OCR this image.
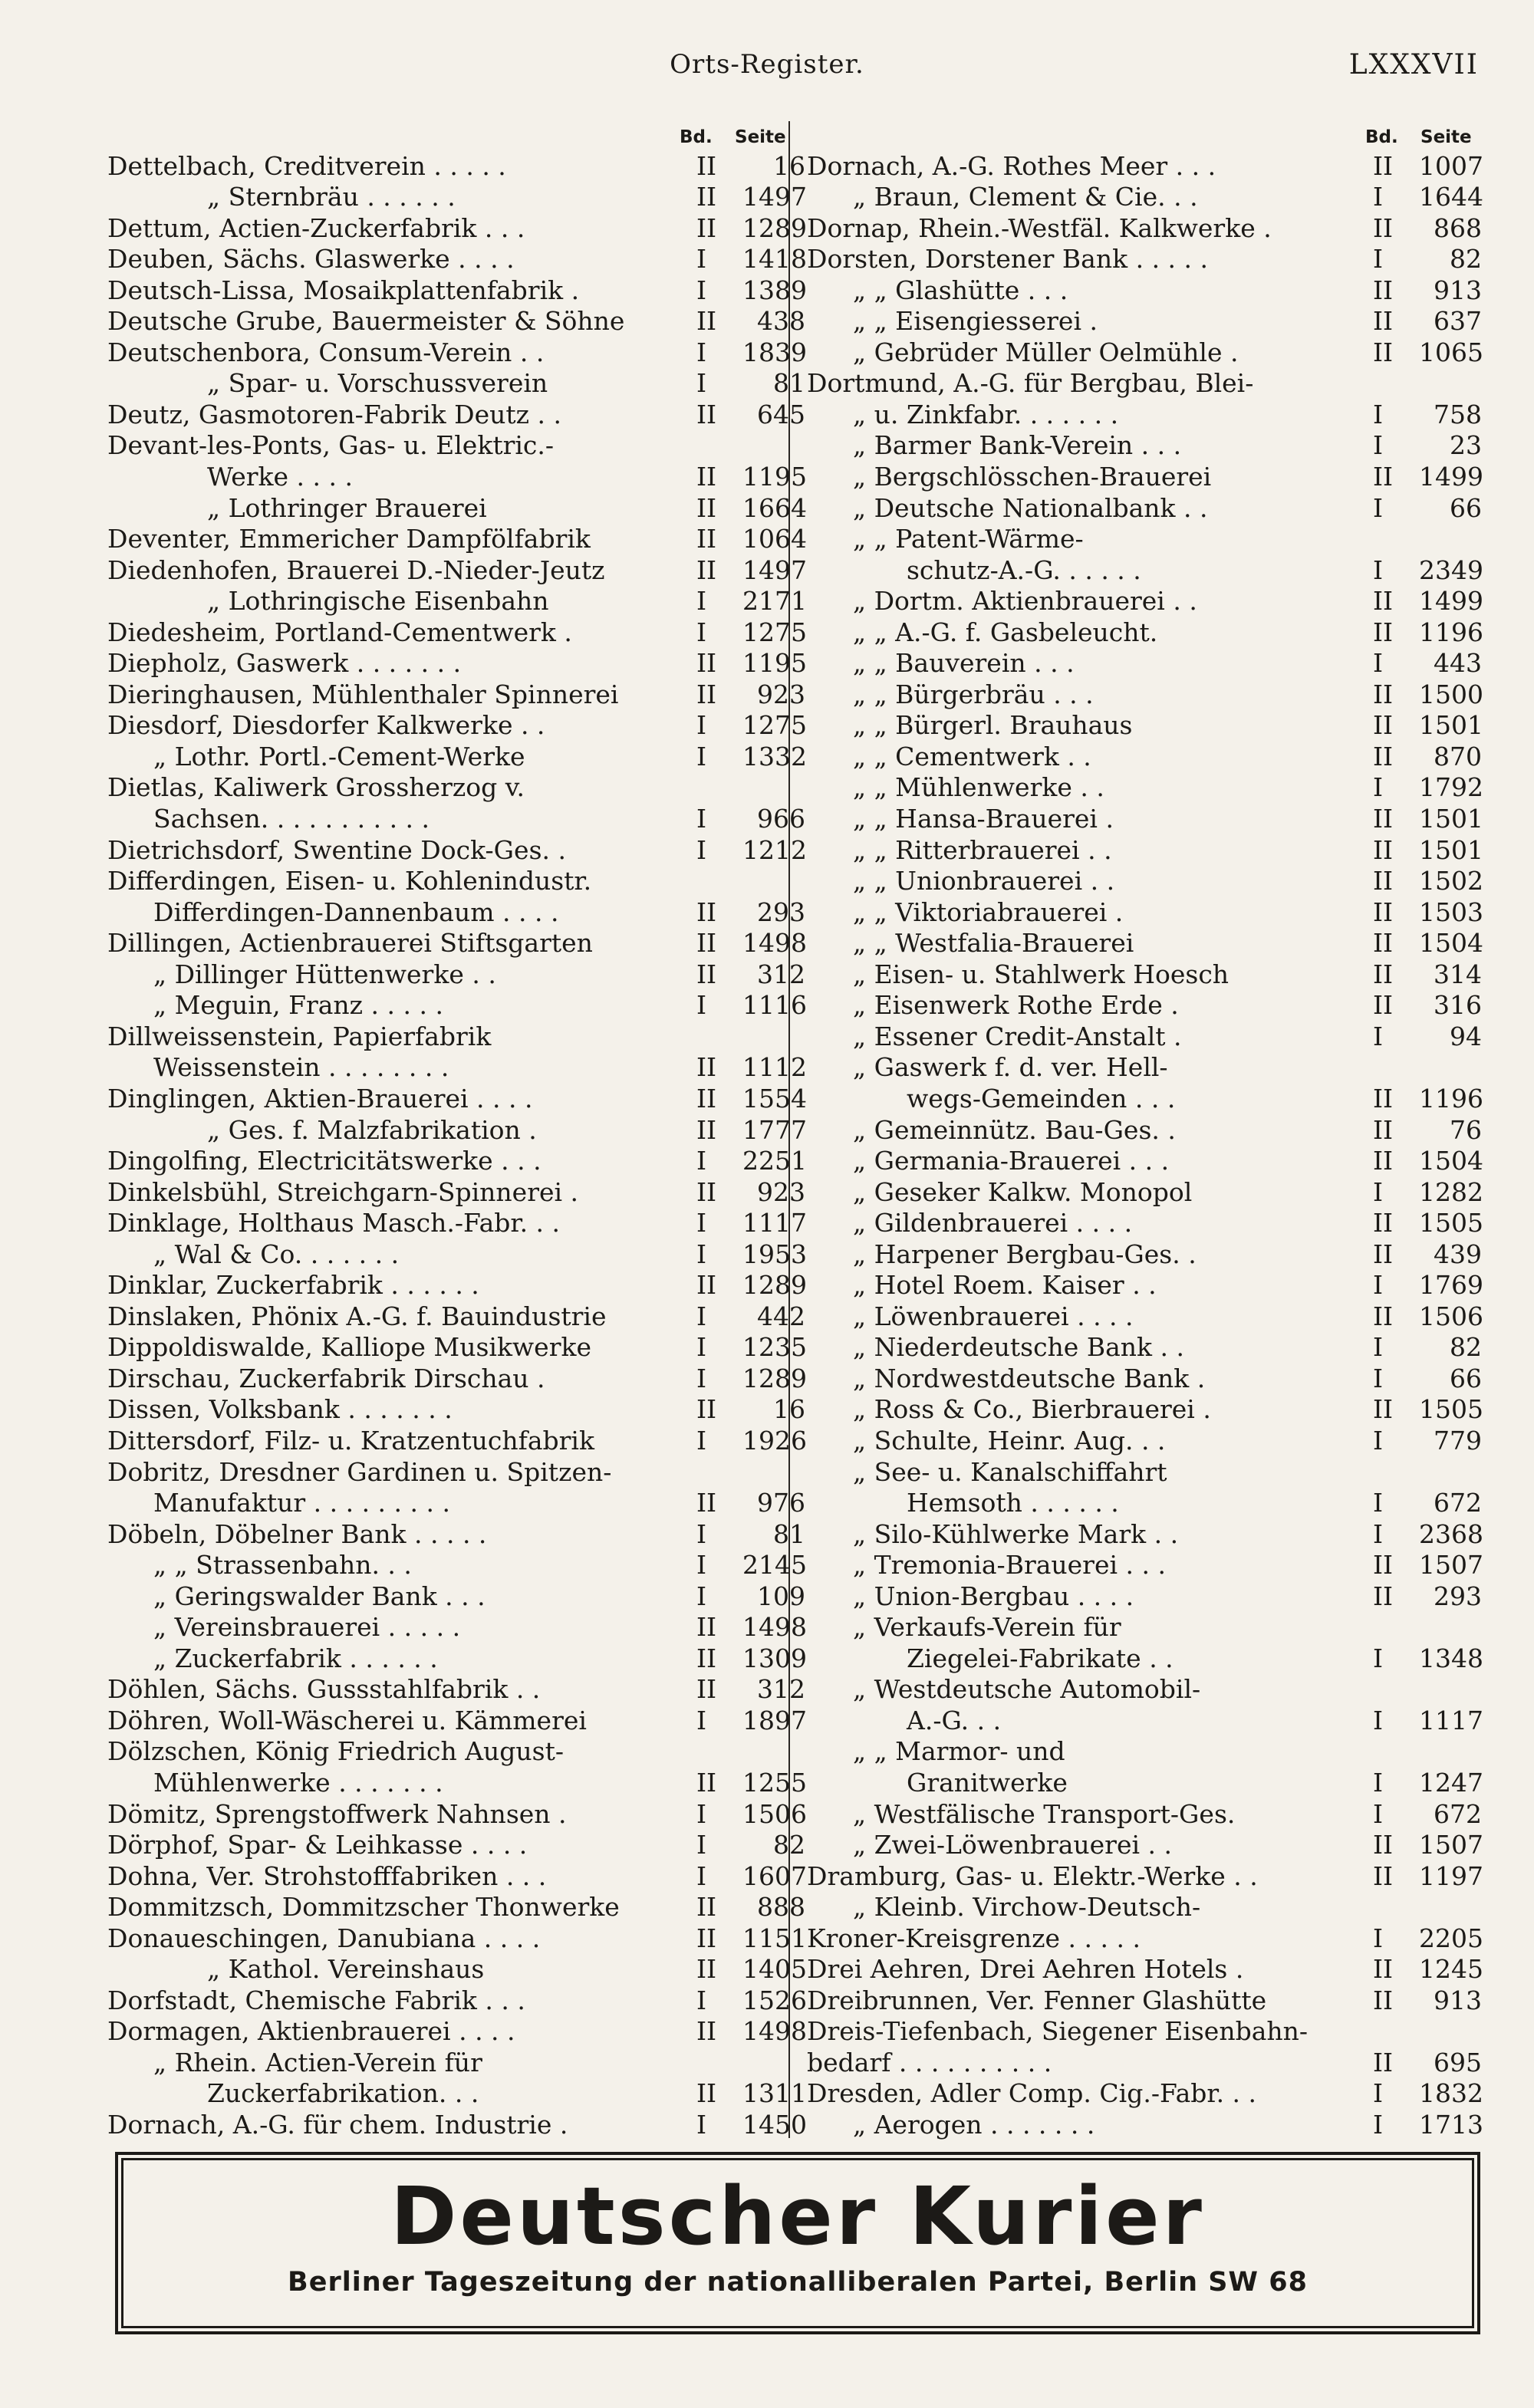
Orts-Register.	LXXXVII
Bd. Seite
Dettelbach, Creditverein . . . . .	II	16
„ Sternbräu . . . . . .	II	1497
Dettum, Actien-Zuckerfabrik . . .	II	1289
Deuben, Sächs. Glaswerke . . . .	I	1418
Deutsch-Lissa, Mosaikplattenfabrik .	I	1389
Deutsche Grube, Bauermeister & Söhne	II	438
Deutschenbora, Consum-Verein . .	I	1839
„ Spar- u. Vorschussverein	I	81
Deutz, Gasmotoren-Fabrik Deutz . .	II	645
Devant-les-Ponts, Gas- u. Elektric.-
Werke . . . .	II	1195
„ Lothringer Brauerei	II	1664
Deventer, Emmericher Dampfölfabrik	II	1064
Diedenhofen, Brauerei D.-Nieder-Jeutz	II	1497
„ Lothringische Eisenbahn	I	2171
Diedesheim, Portland-Cementwerk .	I	1275
Diepholz, Gaswerk . . . . . . .	II	1195
Dieringhausen, Mühlenthaler Spinnerei	II	923
Diesdorf, Diesdorfer Kalkwerke . .	I	1275
„ Lothr. Portl.-Cement-Werke	I	1332
Dietlas, Kaliwerk Grossherzog v.
Sachsen. . . . . . . . . . .	I	966
Dietrichsdorf, Swentine Dock-Ges. .	I	1212
Differdingen, Eisen- u. Kohlenindustr.
Differdingen-Dannenbaum . . . .	II	293
Dillingen, Actienbrauerei Stiftsgarten	II	1498
„ Dillinger Hüttenwerke . .	II	312
„ Meguin, Franz . . . . .	I	1116
Dillweissenstein, Papierfabrik
Weissenstein . . . . . . . .	II	1112
Dinglingen, Aktien-Brauerei . . . .	II	1554
„ Ges. f. Malzfabrikation .	II	1777
Dingolfing, Electricitätswerke . . .	I	2251
Dinkelsbühl, Streichgarn-Spinnerei .	II	923
Dinklage, Holthaus Masch.-Fabr. . .	I	1117
„ Wal & Co. . . . . . .	I	1953
Dinklar, Zuckerfabrik . . . . . .	II	1289
Dinslaken, Phönix A.-G. f. Bauindustrie	I	442
Dippoldiswalde, Kalliope Musikwerke	I	1235
Dirschau, Zuckerfabrik Dirschau .	I	1289
Dissen, Volksbank . . . . . . .	II	16
Dittersdorf, Filz- u. Kratzentuchfabrik	I	1926
Dobritz, Dresdner Gardinen u. Spitzen-
Manufaktur . . . . . . . . .	II	976
Döbeln, Döbelner Bank . . . . .	I	81
„ „ Strassenbahn. . .	I	2145
„ Geringswalder Bank . . .	I	109
„ Vereinsbrauerei . . . . .	II	1498
„ Zuckerfabrik . . . . . .	II	1309
Döhlen, Sächs. Gussstahlfabrik . .	II	312
Döhren, Woll-Wäscherei u. Kämmerei	I	1897
Dölzschen, König Friedrich August-
Mühlenwerke . . . . . . .	II	1255
Dömitz, Sprengstoffwerk Nahnsen .	I	1506
Dörphof, Spar- & Leihkasse . . . .	I	82
Dohna, Ver. Strohstofffabriken . . .	I	1607
Dommitzsch, Dommitzscher Thonwerke	II	888
Donaueschingen, Danubiana . . . .	II	1151
„ Kathol. Vereinshaus	II	1405
Dorfstadt, Chemische Fabrik . . .	I	1526
Dormagen, Aktienbrauerei . . . .	II	1498
„ Rhein. Actien-Verein für
Zuckerfabrikation. . .	II	1311
Dornach, A.-G. für chem. Industrie .	I	1450
Bd. Seite
Dornach, A.-G. Rothes Meer . . .	II	1007
„ Braun, Clement & Cie. . .	I	1644
Dornap, Rhein.-Westfäl. Kalkwerke .	II	868
Dorsten, Dorstener Bank . . . . .	I	82
„ „ Glashütte . . .	II	913
„ „ Eisengiesserei .	II	637
„ Gebrüder Müller Oelmühle .	II	1065
Dortmund, A.-G. für Bergbau, Blei-
„ u. Zinkfabr. . . . . . .	I	758
„ Barmer Bank-Verein . . .	I	23
„ Bergschlösschen-Brauerei	II	1499
„ Deutsche Nationalbank . .	I	66
„ „ Patent-Wärme-
schutz-A.-G. . . . . .	I	2349
„ Dortm. Aktienbrauerei . .	II	1499
„ „ A.-G. f. Gasbeleucht.	II	1196
„ „ Bauverein . . .	I	443
„ „ Bürgerbräu . . .	II	1500
„ „ Bürgerl. Brauhaus	II	1501
„ „ Cementwerk . .	II	870
„ „ Mühlenwerke . .	I	1792
„ „ Hansa-Brauerei .	II	1501
„ „ Ritterbrauerei . .	II	1501
„ „ Unionbrauerei . .	II	1502
„ „ Viktoriabrauerei .	II	1503
„ „ Westfalia-Brauerei	II	1504
„ Eisen- u. Stahlwerk Hoesch	II	314
„ Eisenwerk Rothe Erde .	II	316
„ Essener Credit-Anstalt .	I	94
„ Gaswerk f. d. ver. Hell-
wegs-Gemeinden . . .	II	1196
„ Gemeinnütz. Bau-Ges. .	II	76
„ Germania-Brauerei . . .	II	1504
„ Geseker Kalkw. Monopol	I	1282
„ Gildenbrauerei . . . .	II	1505
„ Harpener Bergbau-Ges. .	II	439
„ Hotel Roem. Kaiser . .	I	1769
„ Löwenbrauerei . . . .	II	1506
„ Niederdeutsche Bank . .	I	82
„ Nordwestdeutsche Bank .	I	66
„ Ross & Co., Bierbrauerei .	II	1505
„ Schulte, Heinr. Aug. . .	I	779
„ See- u. Kanalschiffahrt
Hemsoth . . . . . .	I	672
„ Silo-Kühlwerke Mark . .	I	2368
„ Tremonia-Brauerei . . .	II	1507
„ Union-Bergbau . . . .	II	293
„ Verkaufs-Verein für
Ziegelei-Fabrikate . .	I	1348
„ Westdeutsche Automobil-
A.-G. . .	I	1117
„ „ Marmor- und
Granitwerke	I	1247
„ Westfälische Transport-Ges.	I	672
„ Zwei-Löwenbrauerei . .	II	1507
Dramburg, Gas- u. Elektr.-Werke . .	II	1197
„ Kleinb. Virchow-Deutsch-
Kroner-Kreisgrenze . . . . .	I	2205
Drei Aehren, Drei Aehren Hotels .	II	1245
Dreibrunnen, Ver. Fenner Glashütte	II	913
Dreis-Tiefenbach, Siegener Eisenbahn-
bedarf . . . . . . . . . .	II	695
Dresden, Adler Comp. Cig.-Fabr. . .	I	1832
„ Aerogen . . . . . . .	I	1713
Deutscher Kurier
Berliner Tageszeitung der nationalliberalen Partei, Berlin SW 68
